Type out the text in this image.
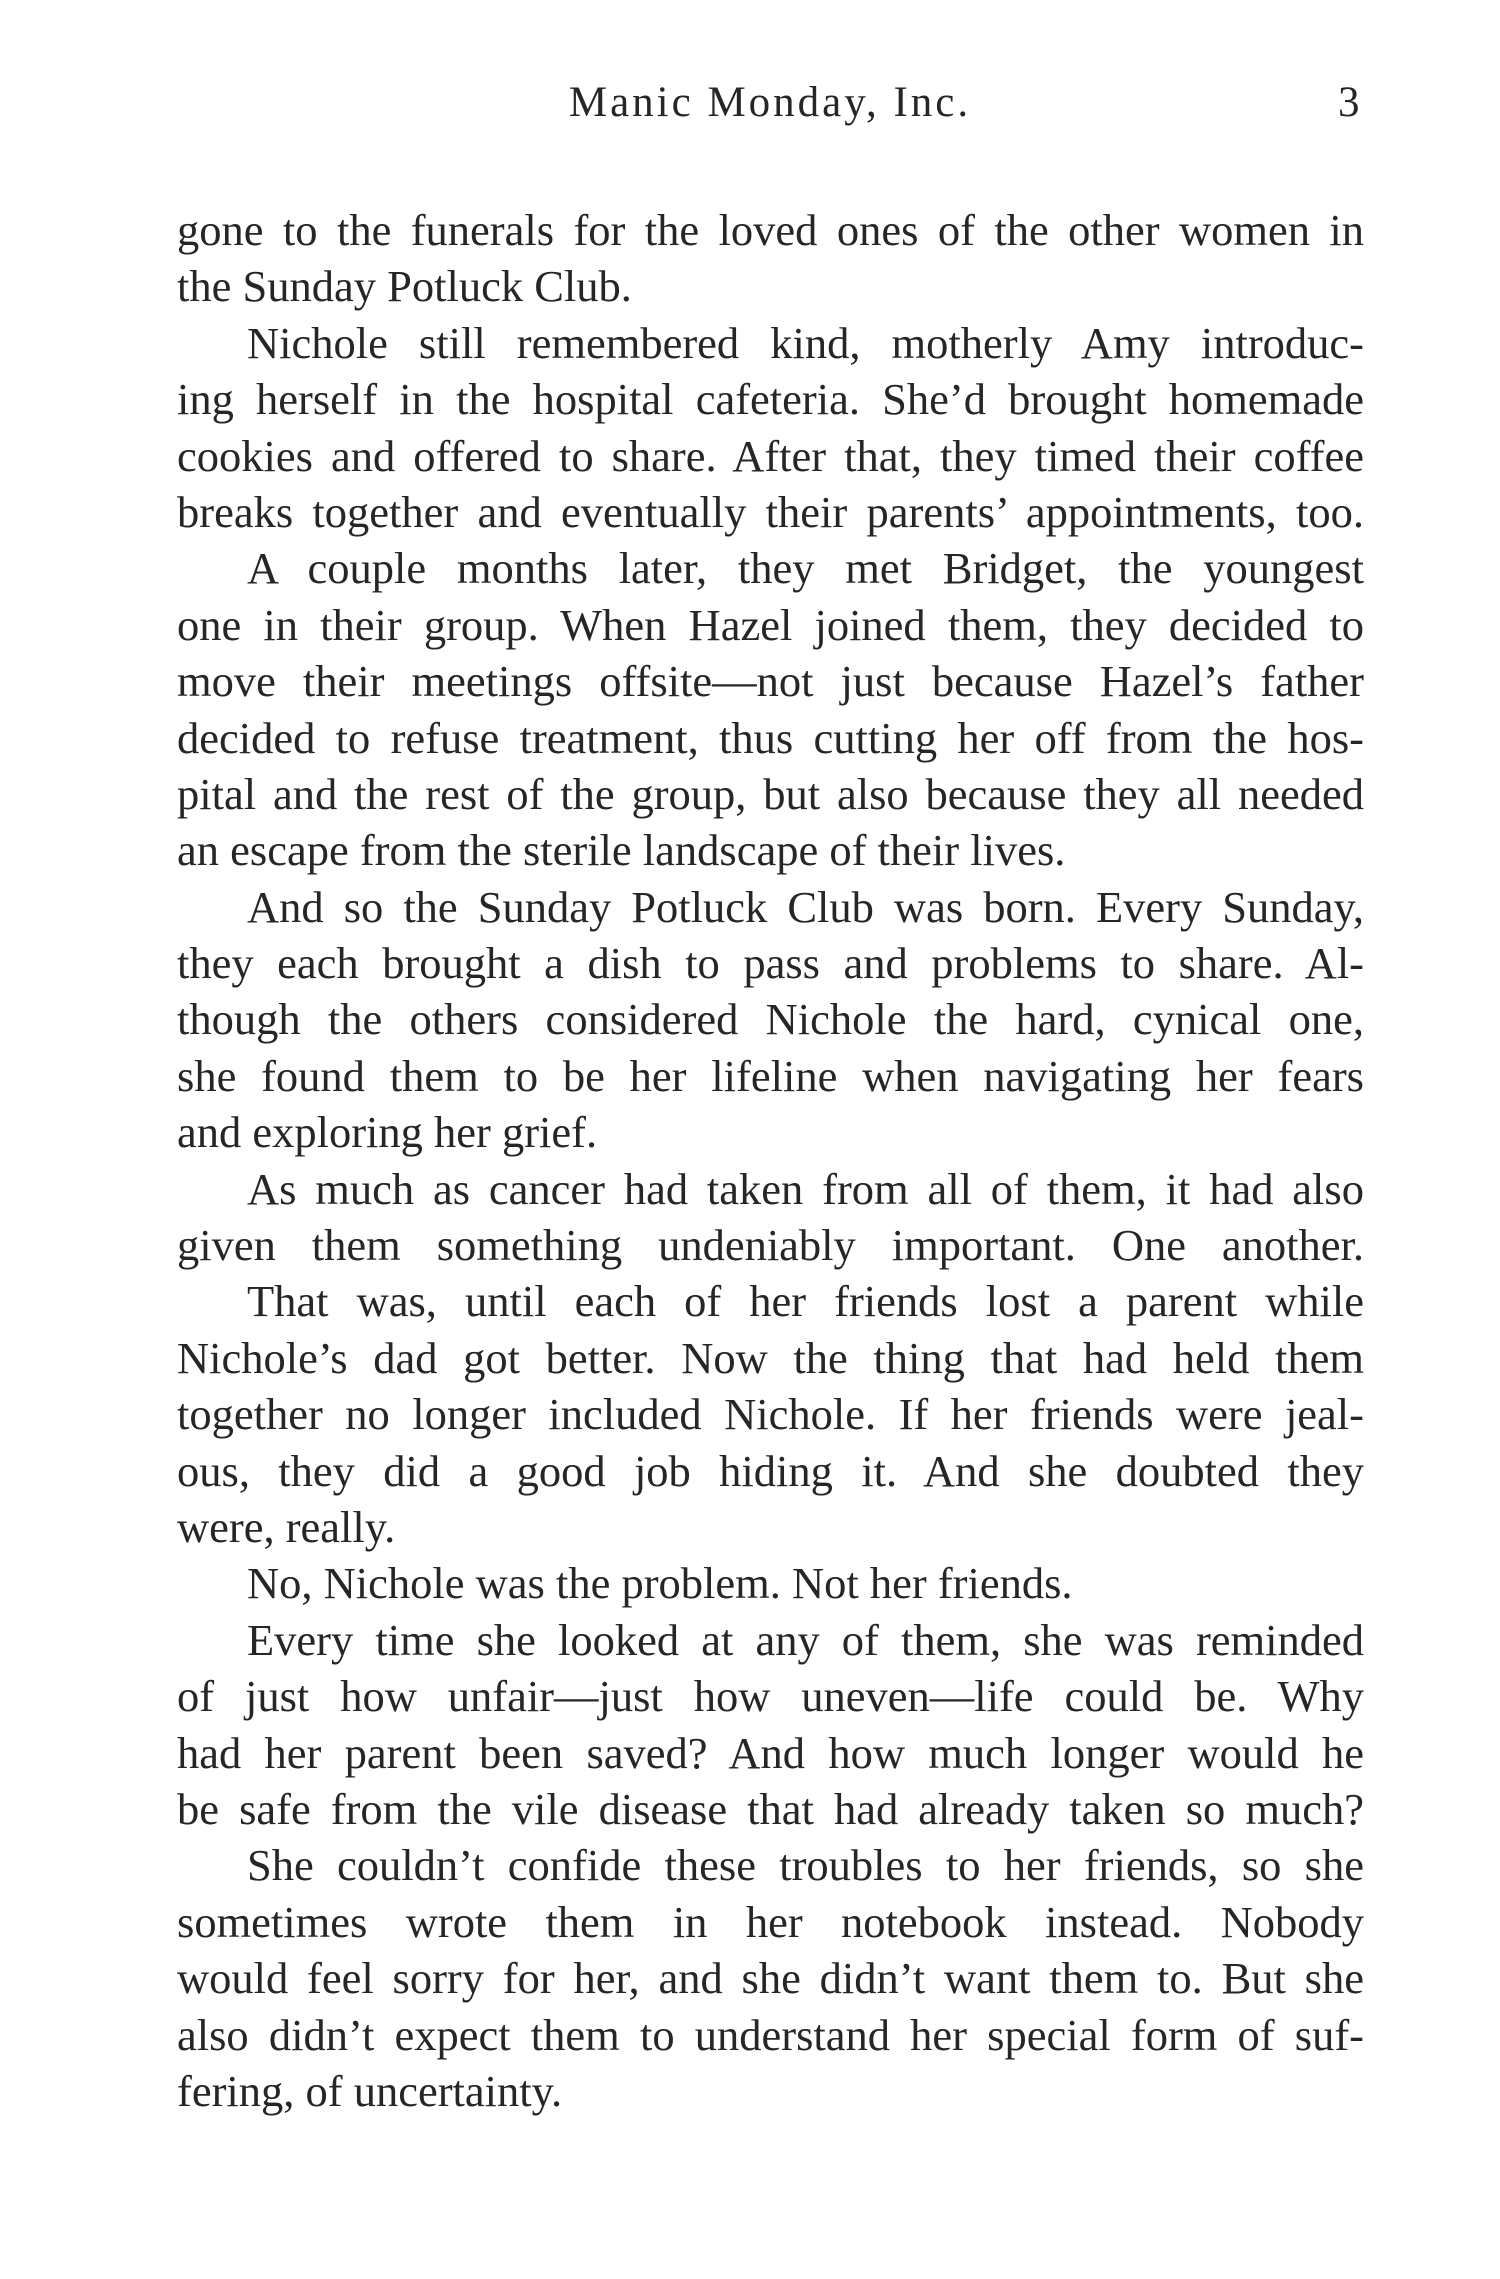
Manic Monday, Inc.	3
gone to the funerals for the loved ones of the other women in
the Sunday Potluck Club.
Nichole still remembered kind, motherly Amy introduc-
ing herself in the hospital cafeteria. She’d brought homemade
cookies and offered to share. After that, they timed their coffee
breaks together and eventually their parents’ appointments, too.
A couple months later, they met Bridget, the youngest
one in their group. When Hazel joined them, they decided to
move their meetings offsite—not just because Hazel’s father
decided to refuse treatment, thus cutting her off from the hos-
pital and the rest of the group, but also because they all needed
an escape from the sterile landscape of their lives.
And so the Sunday Potluck Club was born. Every Sunday,
they each brought a dish to pass and problems to share. Al-
though the others considered Nichole the hard, cynical one,
she found them to be her lifeline when navigating her fears
and exploring her grief.
As much as cancer had taken from all of them, it had also
given them something undeniably important. One another.
That was, until each of her friends lost a parent while
Nichole’s dad got better. Now the thing that had held them
together no longer included Nichole. If her friends were jeal-
ous, they did a good job hiding it. And she doubted they
were, really.
No, Nichole was the problem. Not her friends.
Every time she looked at any of them, she was reminded
of just how unfair—just how uneven—life could be. Why
had her parent been saved? And how much longer would he
be safe from the vile disease that had already taken so much?
She couldn’t confide these troubles to her friends, so she
sometimes wrote them in her notebook instead. Nobody
would feel sorry for her, and she didn’t want them to. But she
also didn’t expect them to understand her special form of suf-
fering, of uncertainty.
